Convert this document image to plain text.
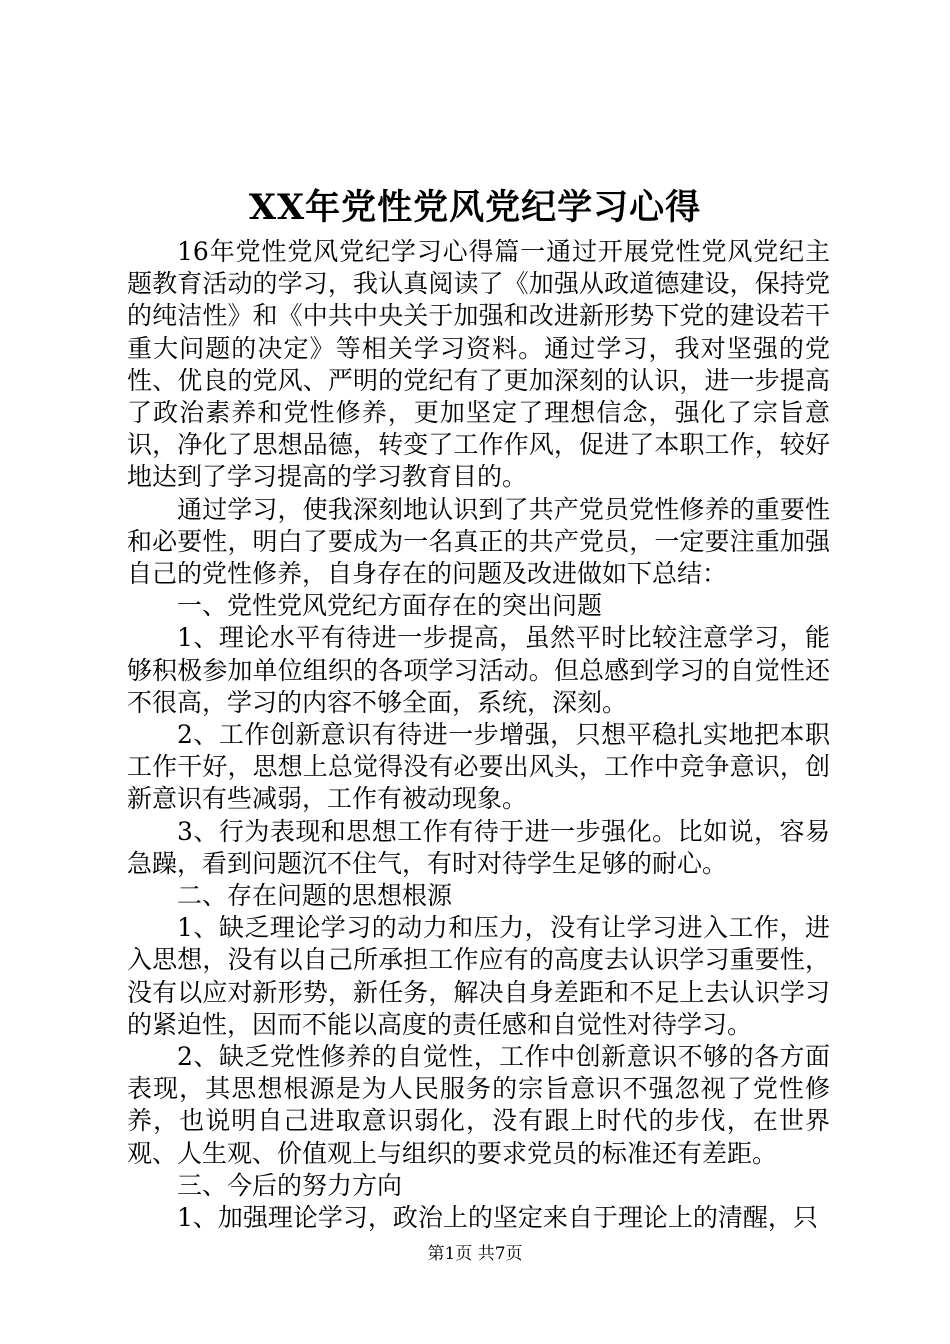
XX年党性党风党纪学习心得

16年党性党风党纪学习心得篇一通过开展党性党风党纪主题教育活动的学习，我认真阅读了《加强从政道德建设，保持党的纯洁性》和《中共中央关于加强和改进新形势下党的建设若干重大问题的决定》等相关学习资料。通过学习，我对坚强的党性、优良的党风、严明的党纪有了更加深刻的认识，进一步提高了政治素养和党性修养，更加坚定了理想信念，强化了宗旨意识，净化了思想品德，转变了工作作风，促进了本职工作，较好地达到了学习提高的学习教育目的。

通过学习，使我深刻地认识到了共产党员党性修养的重要性和必要性，明白了要成为一名真正的共产党员，一定要注重加强自己的党性修养，自身存在的问题及改进做如下总结：

一、党性党风党纪方面存在的突出问题

1、理论水平有待进一步提高，虽然平时比较注意学习，能够积极参加单位组织的各项学习活动。但总感到学习的自觉性还不很高，学习的内容不够全面，系统，深刻。

2、工作创新意识有待进一步增强，只想平稳扎实地把本职工作干好，思想上总觉得没有必要出风头，工作中竞争意识，创新意识有些减弱，工作有被动现象。

3、行为表现和思想工作有待于进一步强化。比如说，容易急躁，看到问题沉不住气，有时对待学生足够的耐心。

二、存在问题的思想根源

1、缺乏理论学习的动力和压力，没有让学习进入工作，进入思想，没有以自己所承担工作应有的高度去认识学习重要性，没有以应对新形势，新任务，解决自身差距和不足上去认识学习的紧迫性，因而不能以高度的责任感和自觉性对待学习。

2、缺乏党性修养的自觉性，工作中创新意识不够的各方面表现，其思想根源是为人民服务的宗旨意识不强忽视了党性修养，也说明自己进取意识弱化，没有跟上时代的步伐，在世界观、人生观、价值观上与组织的要求党员的标准还有差距。

三、今后的努力方向

1、加强理论学习，政治上的坚定来自于理论上的清醒，只

第1页 共7页
